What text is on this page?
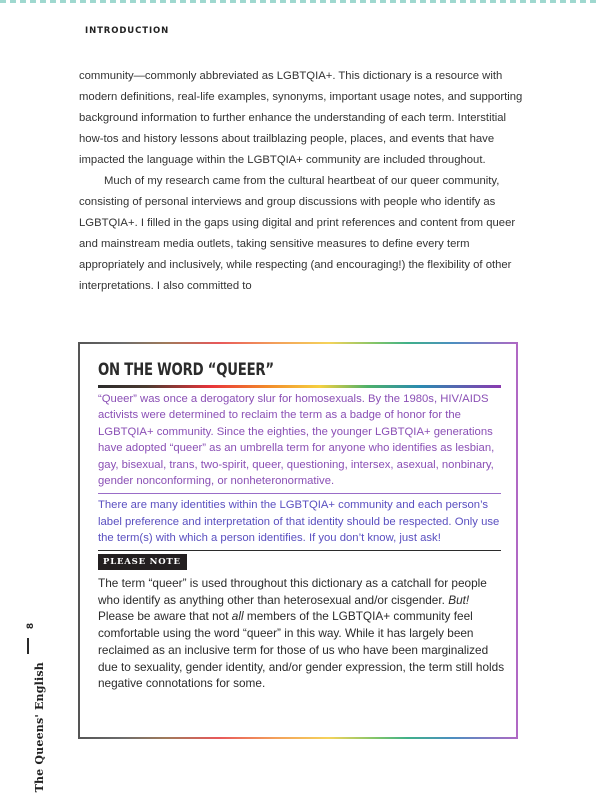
INTRODUCTION

community—commonly abbreviated as LGBTQIA+. This dictionary is a resource with modern definitions, real-life examples, synonyms, important usage notes, and supporting background information to further enhance the understanding of each term. Interstitial how-tos and history lessons about trailblazing people, places, and events that have impacted the language within the LGBTQIA+ community are included throughout.

Much of my research came from the cultural heartbeat of our queer community, consisting of personal interviews and group discussions with people who identify as LGBTQIA+. I filled in the gaps using digital and print references and content from queer and mainstream media outlets, taking sensitive measures to define every term appropriately and inclusively, while respecting (and encouraging!) the flexibility of other interpretations. I also committed to

ON THE WORD “QUEER”

“Queer” was once a derogatory slur for homosexuals. By the 1980s, HIV/AIDS activists were determined to reclaim the term as a badge of honor for the LGBTQIA+ community. Since the eighties, the younger LGBTQIA+ generations have adopted “queer” as an umbrella term for anyone who identifies as lesbian, gay, bisexual, trans, two-spirit, queer, questioning, intersex, asexual, nonbinary, gender nonconforming, or nonheteronormative.

There are many identities within the LGBTQIA+ community and each person’s label preference and interpretation of that identity should be respected. Only use the term(s) with which a person identifies. If you don’t know, just ask!

PLEASE NOTE

The term “queer” is used throughout this dictionary as a catchall for people who identify as anything other than heterosexual and/or cisgender. But! Please be aware that not all members of the LGBTQIA+ community feel comfortable using the word “queer” in this way. While it has largely been reclaimed as an inclusive term for those of us who have been marginalized due to sexuality, gender identity, and/or gender expression, the term still holds negative connotations for some.

8
The Queens' English
